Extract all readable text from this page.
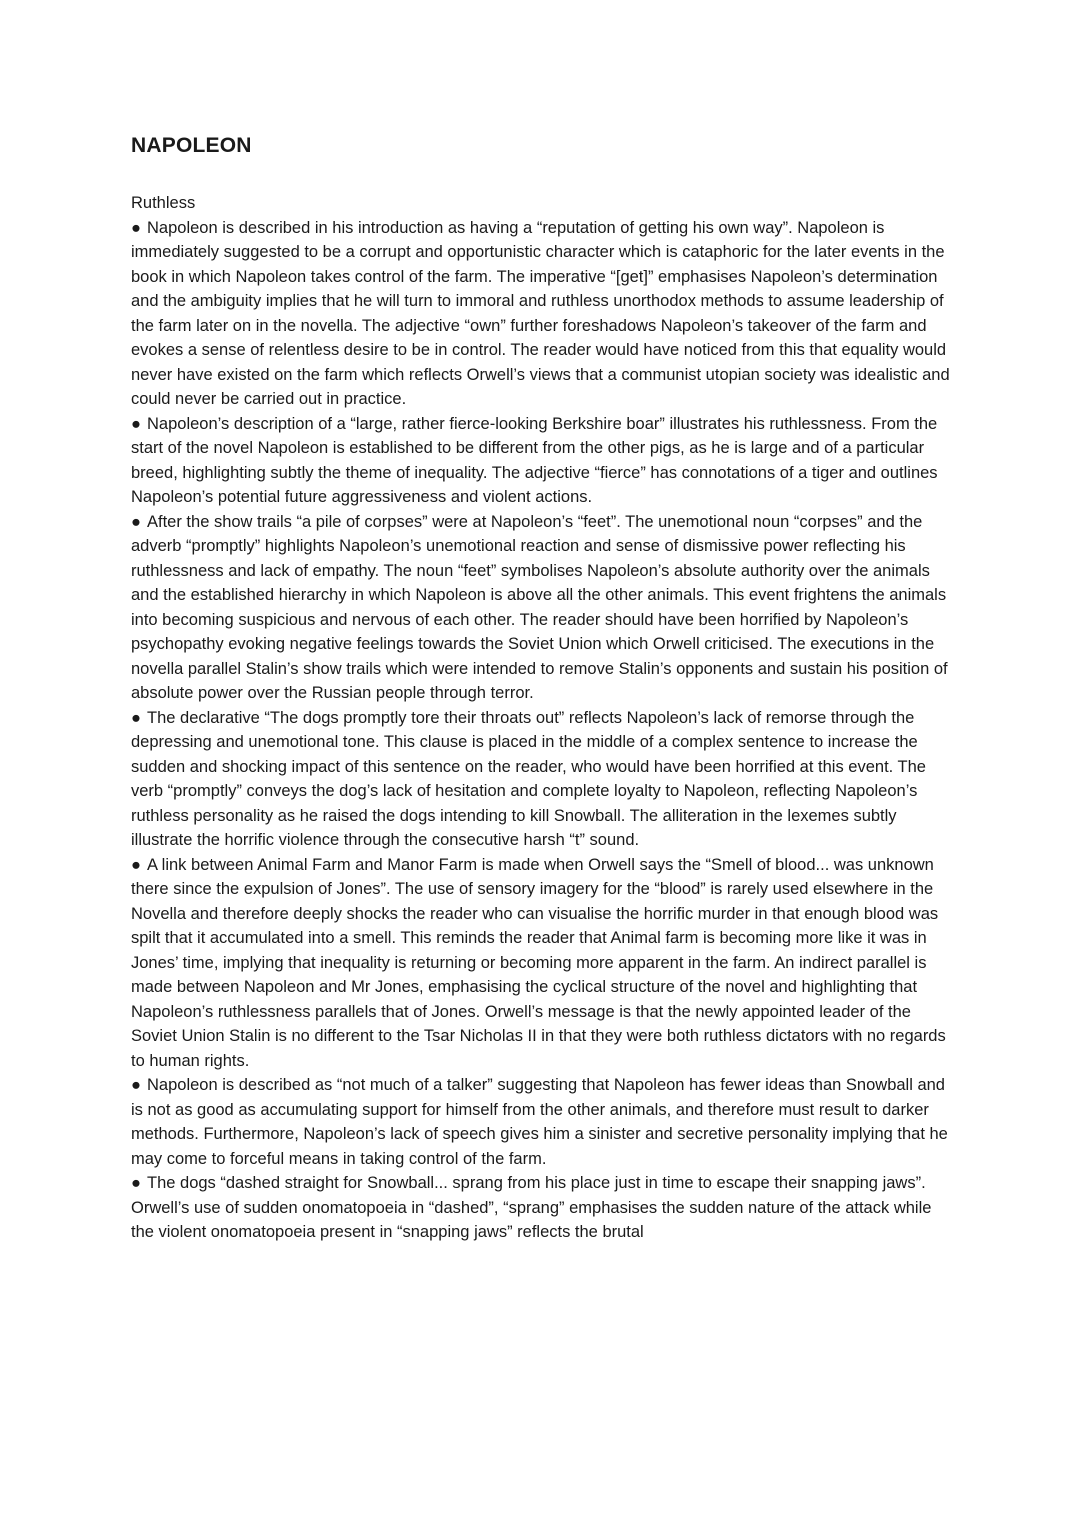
NAPOLEON

Ruthless

● Napoleon is described in his introduction as having a “reputation of getting his own way”. Napoleon is immediately suggested to be a corrupt and opportunistic character which is cataphoric for the later events in the book in which Napoleon takes control of the farm. The imperative “[get]” emphasises Napoleon’s determination and the ambiguity implies that he will turn to immoral and ruthless unorthodox methods to assume leadership of the farm later on in the novella. The adjective “own” further foreshadows Napoleon’s takeover of the farm and evokes a sense of relentless desire to be in control. The reader would have noticed from this that equality would never have existed on the farm which reflects Orwell’s views that a communist utopian society was idealistic and could never be carried out in practice.

● Napoleon’s description of a “large, rather fierce-looking Berkshire boar” illustrates his ruthlessness. From the start of the novel Napoleon is established to be different from the other pigs, as he is large and of a particular breed, highlighting subtly the theme of inequality. The adjective “fierce” has connotations of a tiger and outlines Napoleon’s potential future aggressiveness and violent actions.

● After the show trails “a pile of corpses” were at Napoleon’s “feet”. The unemotional noun “corpses” and the adverb “promptly” highlights Napoleon’s unemotional reaction and sense of dismissive power reflecting his ruthlessness and lack of empathy. The noun “feet” symbolises Napoleon’s absolute authority over the animals and the established hierarchy in which Napoleon is above all the other animals. This event frightens the animals into becoming suspicious and nervous of each other. The reader should have been horrified by Napoleon’s psychopathy evoking negative feelings towards the Soviet Union which Orwell criticised. The executions in the novella parallel Stalin’s show trails which were intended to remove Stalin’s opponents and sustain his position of absolute power over the Russian people through terror.

● The declarative “The dogs promptly tore their throats out” reflects Napoleon’s lack of remorse through the depressing and unemotional tone. This clause is placed in the middle of a complex sentence to increase the sudden and shocking impact of this sentence on the reader, who would have been horrified at this event. The verb “promptly” conveys the dog’s lack of hesitation and complete loyalty to Napoleon, reflecting Napoleon’s ruthless personality as he raised the dogs intending to kill Snowball. The alliteration in the lexemes subtly illustrate the horrific violence through the consecutive harsh “t” sound.

● A link between Animal Farm and Manor Farm is made when Orwell says the “Smell of blood... was unknown there since the expulsion of Jones”. The use of sensory imagery for the “blood” is rarely used elsewhere in the Novella and therefore deeply shocks the reader who can visualise the horrific murder in that enough blood was spilt that it accumulated into a smell. This reminds the reader that Animal farm is becoming more like it was in Jones’ time, implying that inequality is returning or becoming more apparent in the farm. An indirect parallel is made between Napoleon and Mr Jones, emphasising the cyclical structure of the novel and highlighting that Napoleon’s ruthlessness parallels that of Jones. Orwell’s message is that the newly appointed leader of the Soviet Union Stalin is no different to the Tsar Nicholas II in that they were both ruthless dictators with no regards to human rights.

● Napoleon is described as “not much of a talker” suggesting that Napoleon has fewer ideas than Snowball and is not as good as accumulating support for himself from the other animals, and therefore must result to darker methods. Furthermore, Napoleon’s lack of speech gives him a sinister and secretive personality implying that he may come to forceful means in taking control of the farm.

● The dogs “dashed straight for Snowball... sprang from his place just in time to escape their snapping jaws”. Orwell’s use of sudden onomatopoeia in “dashed”, “sprang” emphasises the sudden nature of the attack while the violent onomatopoeia present in “snapping jaws” reflects the brutal
